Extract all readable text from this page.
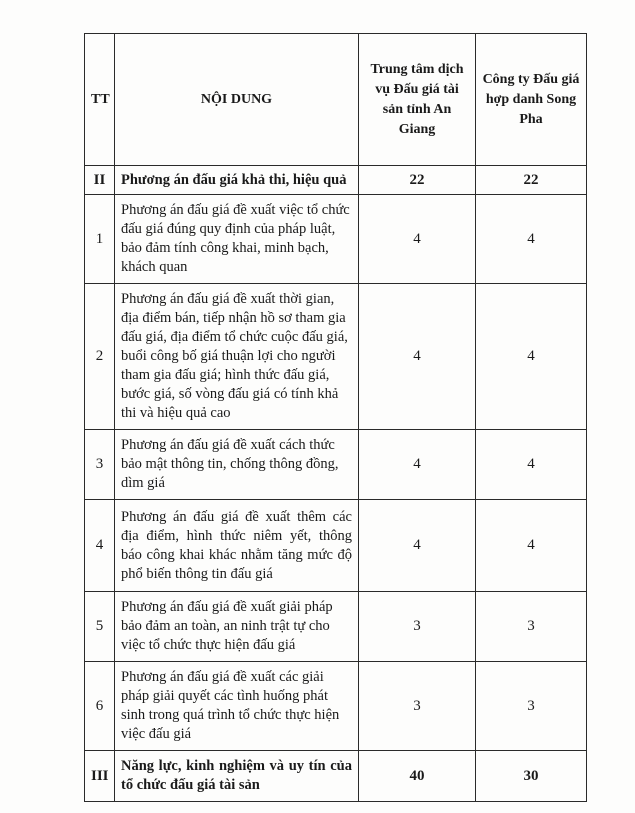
TT	NỘI DUNG	Trung tâm dịch vụ Đấu giá tài sản tỉnh An Giang	Công ty Đấu giá hợp danh Song Pha
II	Phương án đấu giá khả thi, hiệu quả	22	22
1	Phương án đấu giá đề xuất việc tổ chức đấu giá đúng quy định của pháp luật, bảo đảm tính công khai, minh bạch, khách quan	4	4
2	Phương án đấu giá đề xuất thời gian, địa điểm bán, tiếp nhận hồ sơ tham gia đấu giá, địa điểm tổ chức cuộc đấu giá, buổi công bố giá thuận lợi cho người tham gia đấu giá; hình thức đấu giá, bước giá, số vòng đấu giá có tính khả thi và hiệu quả cao	4	4
3	Phương án đấu giá đề xuất cách thức bảo mật thông tin, chống thông đồng, dìm giá	4	4
4	Phương án đấu giá đề xuất thêm các địa điểm, hình thức niêm yết, thông báo công khai khác nhằm tăng mức độ phổ biến thông tin đấu giá	4	4
5	Phương án đấu giá đề xuất giải pháp bảo đảm an toàn, an ninh trật tự cho việc tổ chức thực hiện đấu giá	3	3
6	Phương án đấu giá đề xuất các giải pháp giải quyết các tình huống phát sinh trong quá trình tổ chức thực hiện việc đấu giá	3	3
III	Năng lực, kinh nghiệm và uy tín của tổ chức đấu giá tài sản	40	30
